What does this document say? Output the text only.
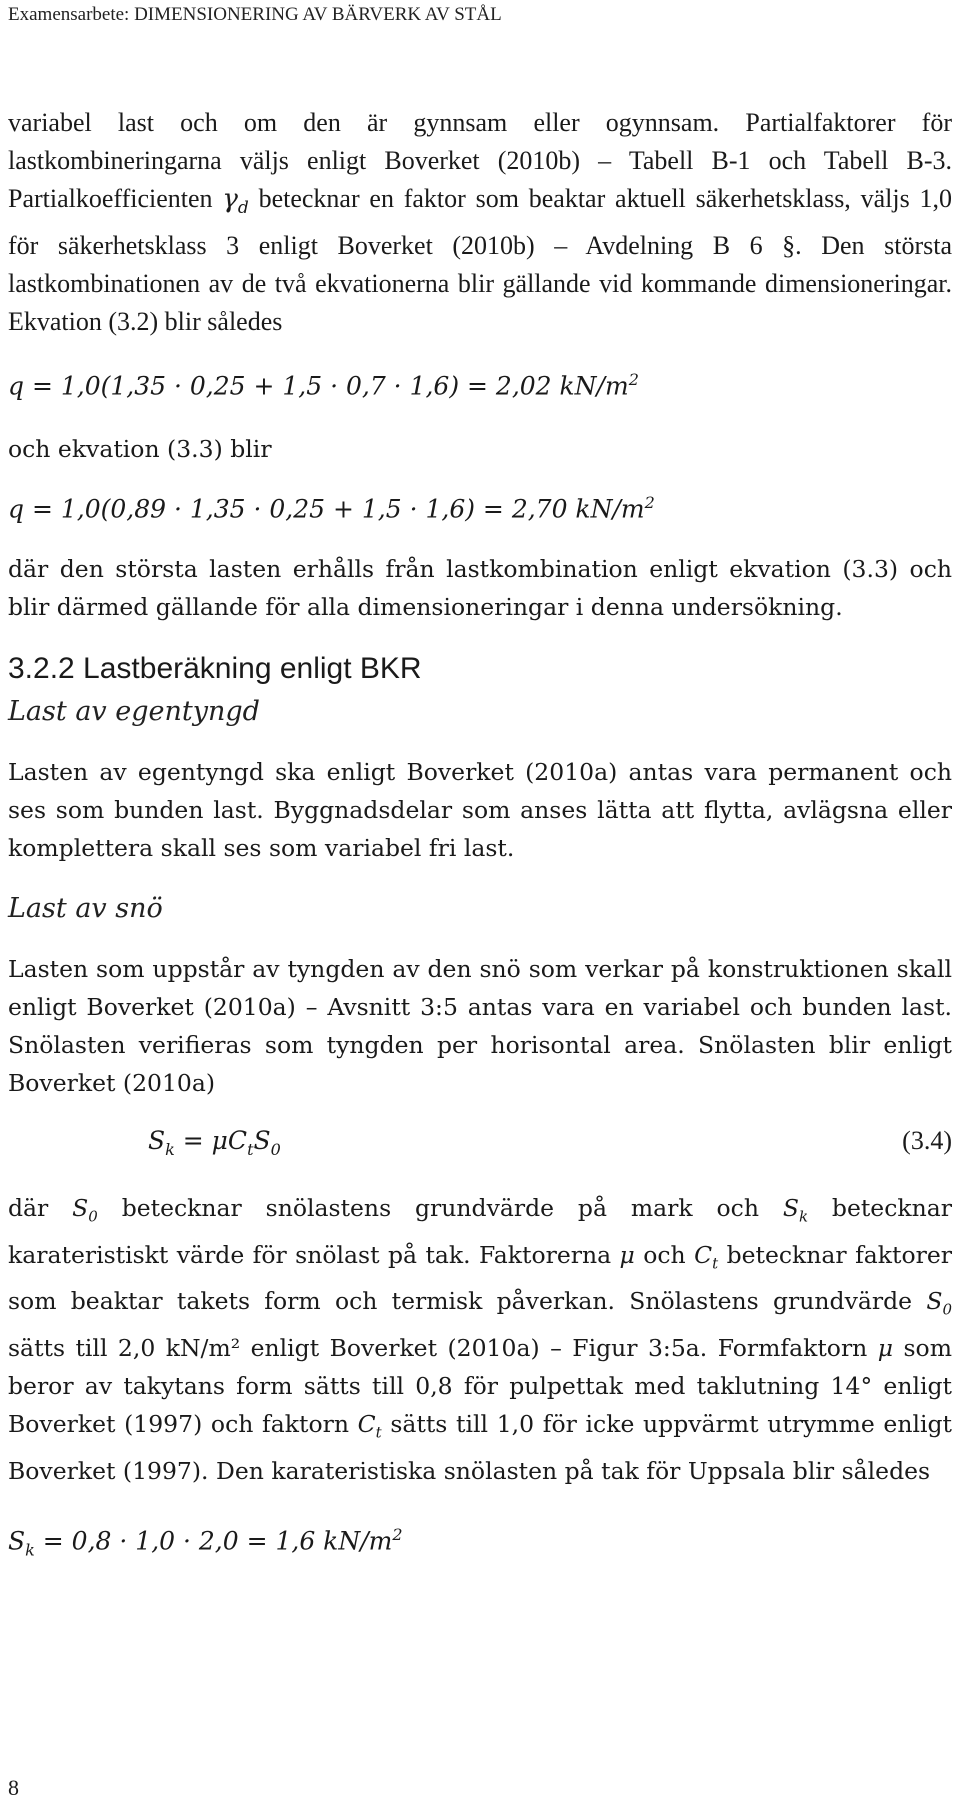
Examensarbete: DIMENSIONERING AV BÄRVERK AV STÅL

variabel last och om den är gynnsam eller ogynnsam. Partialfaktorer för lastkombineringarna väljs enligt Boverket (2010b) – Tabell B-1 och Tabell B-3. Partialkoefficienten $\gamma_d$ betecknar en faktor som beaktar aktuell säkerhetsklass, väljs 1,0 för säkerhetsklass 3 enligt Boverket (2010b) – Avdelning B 6 §. Den största lastkombinationen av de två ekvationerna blir gällande vid kommande dimensioneringar. Ekvation (3.2) blir således

q = 1,0(1,35 · 0,25 + 1,5 · 0,7 · 1,6) = 2,02 $kN/m^2$

och ekvation (3.3) blir

q = 1,0(0,89 · 1,35 · 0,25 + 1,5 · 1,6) = 2,70 $kN/m^2$

där den största lasten erhålls från lastkombination enligt ekvation (3.3) och blir därmed gällande för alla dimensioneringar i denna undersökning.

3.2.2 Lastberäkning enligt BKR

Last av egentyngd

Lasten av egentyngd ska enligt Boverket (2010a) antas vara permanent och ses som bunden last. Byggnadsdelar som anses lätta att flytta, avlägsna eller komplettera skall ses som variabel fri last.

Last av snö

Lasten som uppstår av tyngden av den snö som verkar på konstruktionen skall enligt Boverket (2010a) – Avsnitt 3:5 antas vara en variabel och bunden last. Snölasten verifieras som tyngden per horisontal area. Snölasten blir enligt Boverket (2010a)

(3.4)
$S_k = \mu C_tS_0$

där $S_0$ betecknar snölastens grundvärde på mark och $S_k$ betecknar karateristiskt värde för snölast på tak. Faktorerna μ och $C_t$ betecknar faktorer som beaktar takets form och termisk påverkan. Snölastens grundvärde $S_0$ sätts till 2,0 kN/m² enligt Boverket (2010a) – Figur 3:5a. Formfaktorn μ som beror av takytans form sätts till 0,8 för pulpettak med taklutning 14° enligt Boverket (1997) och faktorn $C_t$ sätts till 1,0 för icke uppvärmt utrymme enligt Boverket (1997). Den karateristiska snölasten på tak för Uppsala blir således

$S_k = 0,8 \cdot 1,0 \cdot 2,0 = 1,6$ $kN/m^2$

8
